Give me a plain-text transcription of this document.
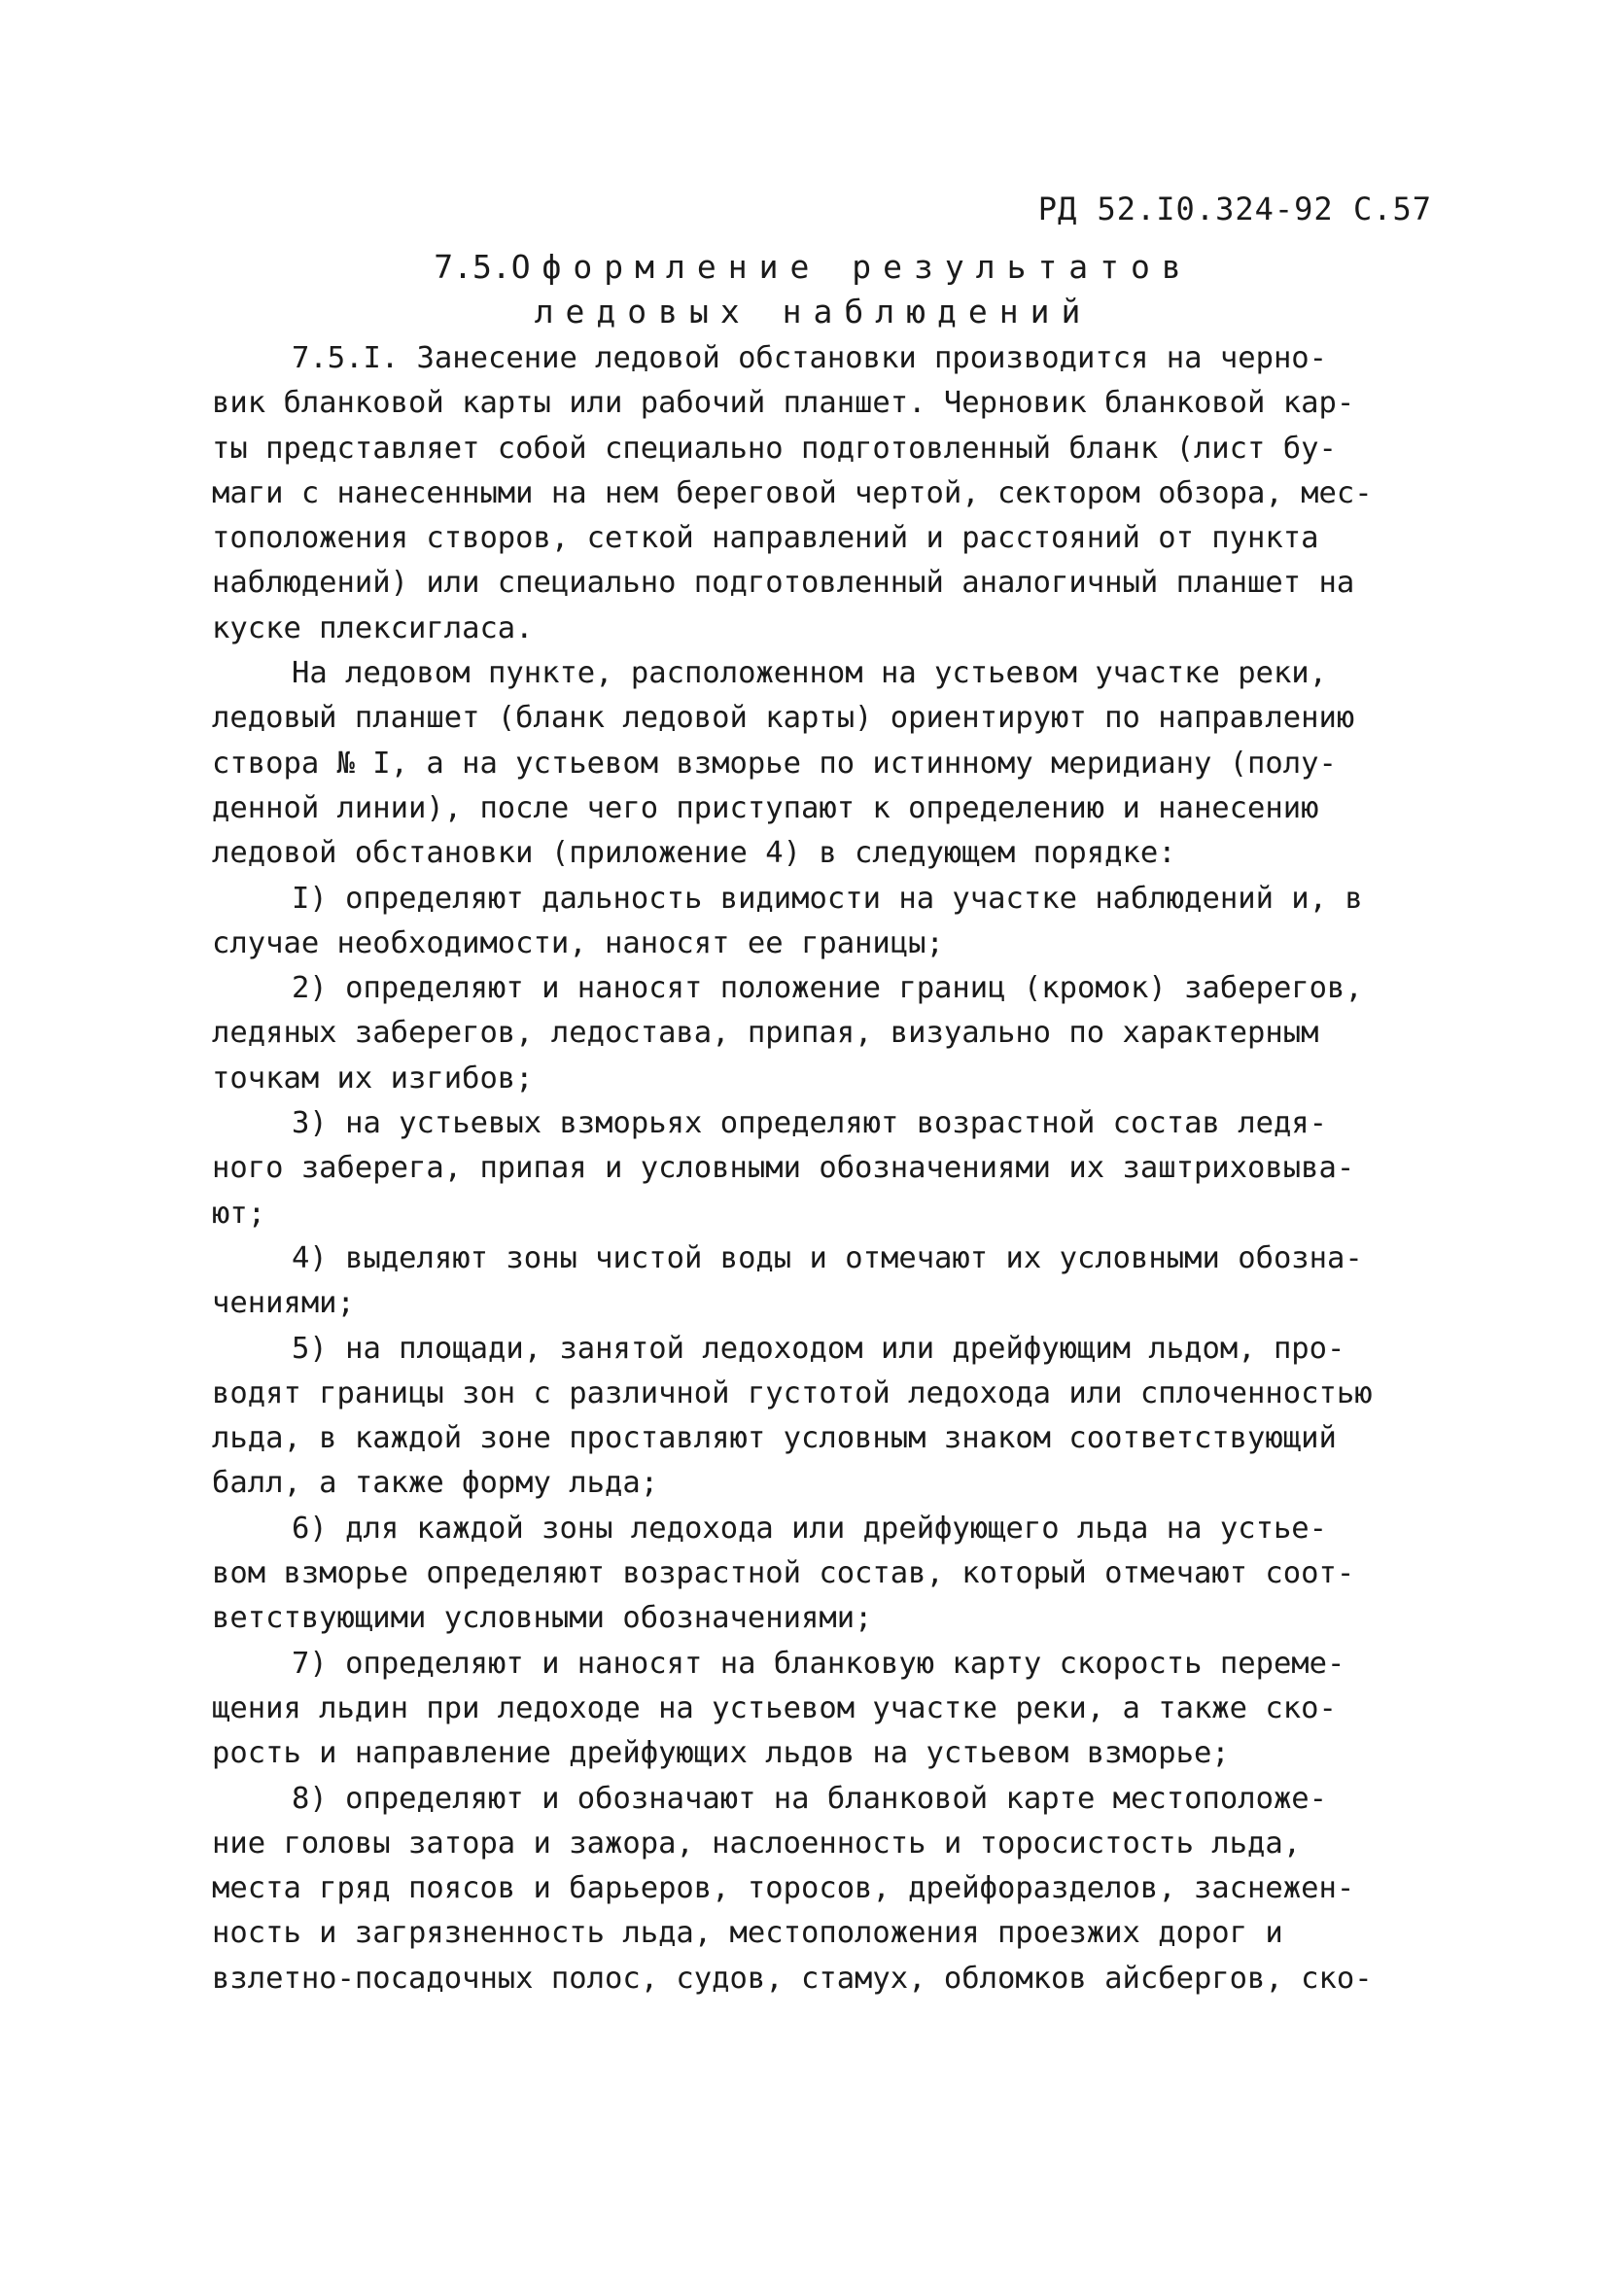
РД 52.I0.324-92 С.57
7.5.Оформление результатов
ледовых наблюдений
7.5.I. Занесение ледовой обстановки производится на черно-
вик бланковой карты или рабочий планшет. Черновик бланковой кар-
ты представляет собой специально подготовленный бланк (лист бу-
маги с нанесенными на нем береговой чертой, сектором обзора, мес-
тоположения створов, сеткой направлений и расстояний от пункта
наблюдений) или специально подготовленный аналогичный планшет на
куске плексигласа.
На ледовом пункте, расположенном на устьевом участке реки,
ледовый планшет (бланк ледовой карты) ориентируют по направлению
створа № I, а на устьевом взморье по истинному меридиану (полу-
денной линии), после чего приступают к определению и нанесению
ледовой обстановки (приложение 4) в следующем порядке:
I) определяют дальность видимости на участке наблюдений и, в
случае необходимости, наносят ее границы;
2) определяют и наносят положение границ (кромок) заберегов,
ледяных заберегов, ледостава, припая, визуально по характерным
точкам их изгибов;
3) на устьевых взморьях определяют возрастной состав ледя-
ного заберега, припая и условными обозначениями их заштриховыва-
ют;
4) выделяют зоны чистой воды и отмечают их условными обозна-
чениями;
5) на площади, занятой ледоходом или дрейфующим льдом, про-
водят границы зон с различной густотой ледохода или сплоченностью
льда, в каждой зоне проставляют условным знаком соответствующий
балл, а также форму льда;
6) для каждой зоны ледохода или дрейфующего льда на устье-
вом взморье определяют возрастной состав, который отмечают соот-
ветствующими условными обозначениями;
7) определяют и наносят на бланковую карту скорость переме-
щения льдин при ледоходе на устьевом участке реки, а также ско-
рость и направление дрейфующих льдов на устьевом взморье;
8) определяют и обозначают на бланковой карте местоположе-
ние головы затора и зажора, наслоенность и торосистость льда,
места гряд поясов и барьеров, торосов, дрейфоразделов, заснежен-
ность и загрязненность льда, местоположения проезжих дорог и
взлетно-посадочных полос, судов, стамух, обломков айсбергов, ско-
